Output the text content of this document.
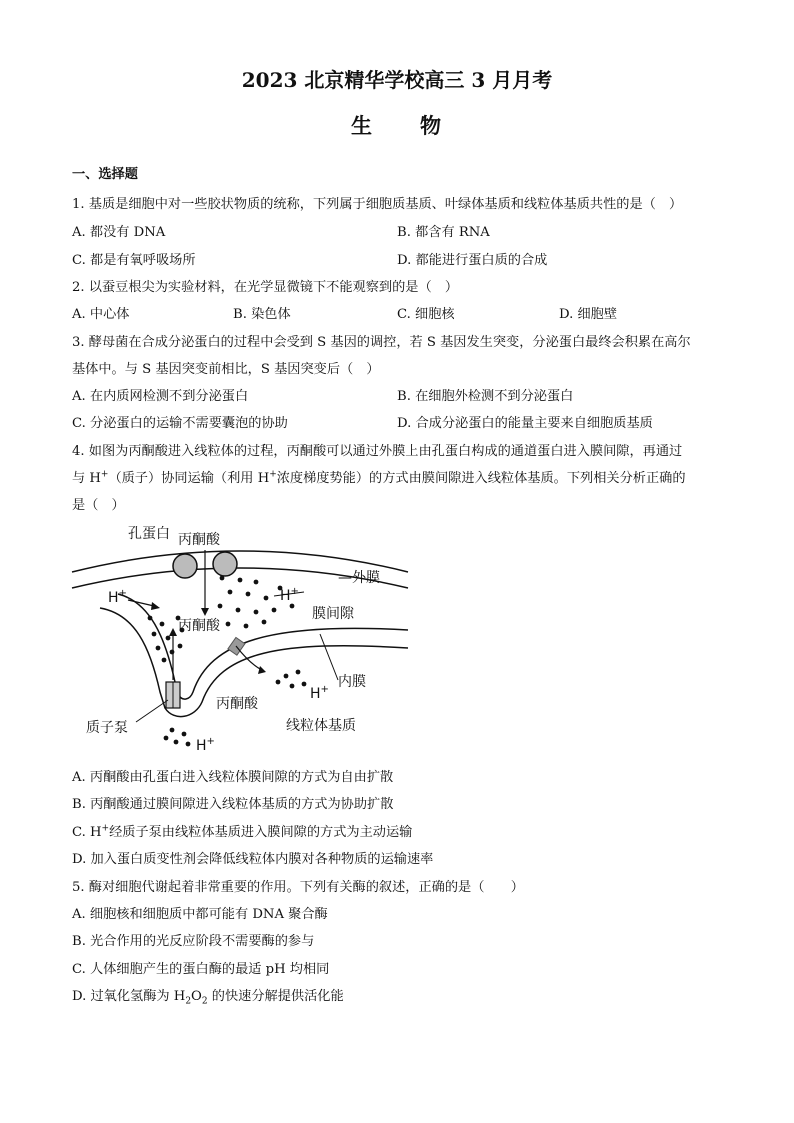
2023 北京精华学校高三 3 月月考
生　　物
一、选择题
1. 基质是细胞中对一些胶状物质的统称，下列属于细胞质基质、叶绿体基质和线粒体基质共性的是（　）
A. 都没有 DNA	B. 都含有 RNA
C. 都是有氧呼吸场所	D. 都能进行蛋白质的合成
2. 以蚕豆根尖为实验材料，在光学显微镜下不能观察到的是（　）
A. 中心体	B. 染色体	C. 细胞核	D. 细胞壁
3. 酵母菌在合成分泌蛋白的过程中会受到 S 基因的调控，若 S 基因发生突变，分泌蛋白最终会积累在高尔
基体中。与 S 基因突变前相比，S 基因突变后（　）
A. 在内质网检测不到分泌蛋白	B. 在细胞外检测不到分泌蛋白
C. 分泌蛋白的运输不需要囊泡的协助	D. 合成分泌蛋白的能量主要来自细胞质基质
4. 如图为丙酮酸进入线粒体的过程，丙酮酸可以通过外膜上由孔蛋白构成的通道蛋白进入膜间隙，再通过
与 H+（质子）协同运输（利用 H+浓度梯度势能）的方式由膜间隙进入线粒体基质。下列相关分析正确的
是（　）
孔蛋白 丙酮酸
—外膜
H+	H+
膜间隙
丙酮酸
内膜
H+
质子泵
丙酮酸
线粒体基质
H+
A. 丙酮酸由孔蛋白进入线粒体膜间隙的方式为自由扩散
B. 丙酮酸通过膜间隙进入线粒体基质的方式为协助扩散
C. H+经质子泵由线粒体基质进入膜间隙的方式为主动运输
D. 加入蛋白质变性剂会降低线粒体内膜对各种物质的运输速率
5. 酶对细胞代谢起着非常重要的作用。下列有关酶的叙述，正确的是（　　）
A. 细胞核和细胞质中都可能有 DNA 聚合酶
B. 光合作用的光反应阶段不需要酶的参与
C. 人体细胞产生的蛋白酶的最适 pH 均相同
D. 过氧化氢酶为 $H_2O_2$ 的快速分解提供活化能
